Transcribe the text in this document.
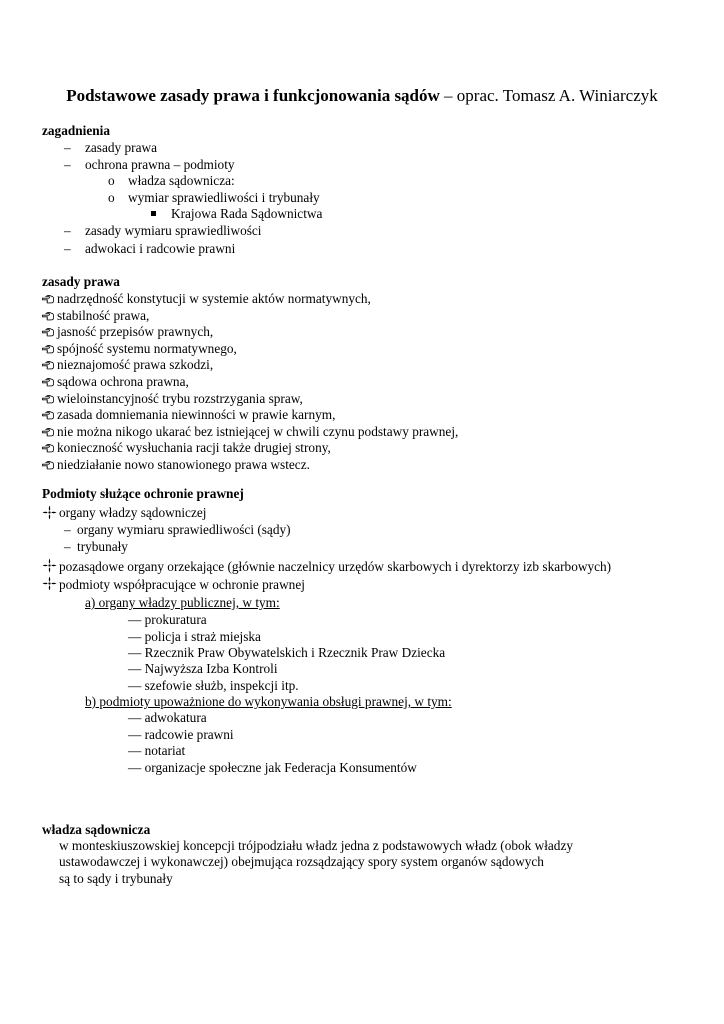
Podstawowe zasady prawa i funkcjonowania sądów – oprac. Tomasz A. Winiarczyk
zagadnienia
– zasady prawa
– ochrona prawna – podmioty
o władza sądownicza:
o wymiar sprawiedliwości i trybunały
Krajowa Rada Sądownictwa
– zasady wymiaru sprawiedliwości
– adwokaci i radcowie prawni
zasady prawa
nadrzędność konstytucji w systemie aktów normatywnych,
stabilność prawa,
jasność przepisów prawnych,
spójność systemu normatywnego,
nieznajomość prawa szkodzi,
sądowa ochrona prawna,
wieloinstancyjność trybu rozstrzygania spraw,
zasada domniemania niewinności w prawie karnym,
nie można nikogo ukarać bez istniejącej w chwili czynu podstawy prawnej,
konieczność wysłuchania racji także drugiej strony,
niedziałanie nowo stanowionego prawa wstecz.
Podmioty służące ochronie prawnej
organy władzy sądowniczej
– organy wymiaru sprawiedliwości (sądy)
– trybunały
pozasądowe organy orzekające (głównie naczelnicy urzędów skarbowych i dyrektorzy izb skarbowych)
podmioty współpracujące w ochronie prawnej
a) organy władzy publicznej, w tym:
— prokuratura
— policja i straż miejska
— Rzecznik Praw Obywatelskich i Rzecznik Praw Dziecka
— Najwyższa Izba Kontroli
— szefowie służb, inspekcji itp.
b) podmioty upoważnione do wykonywania obsługi prawnej, w tym:
— adwokatura
— radcowie prawni
— notariat
— organizacje społeczne jak Federacja Konsumentów
władza sądownicza
w monteskiuszowskiej koncepcji trójpodziału władz jedna z podstawowych władz (obok władzy
ustawodawczej i wykonawczej) obejmująca rozsądzający spory system organów sądowych
są to sądy i trybunały
